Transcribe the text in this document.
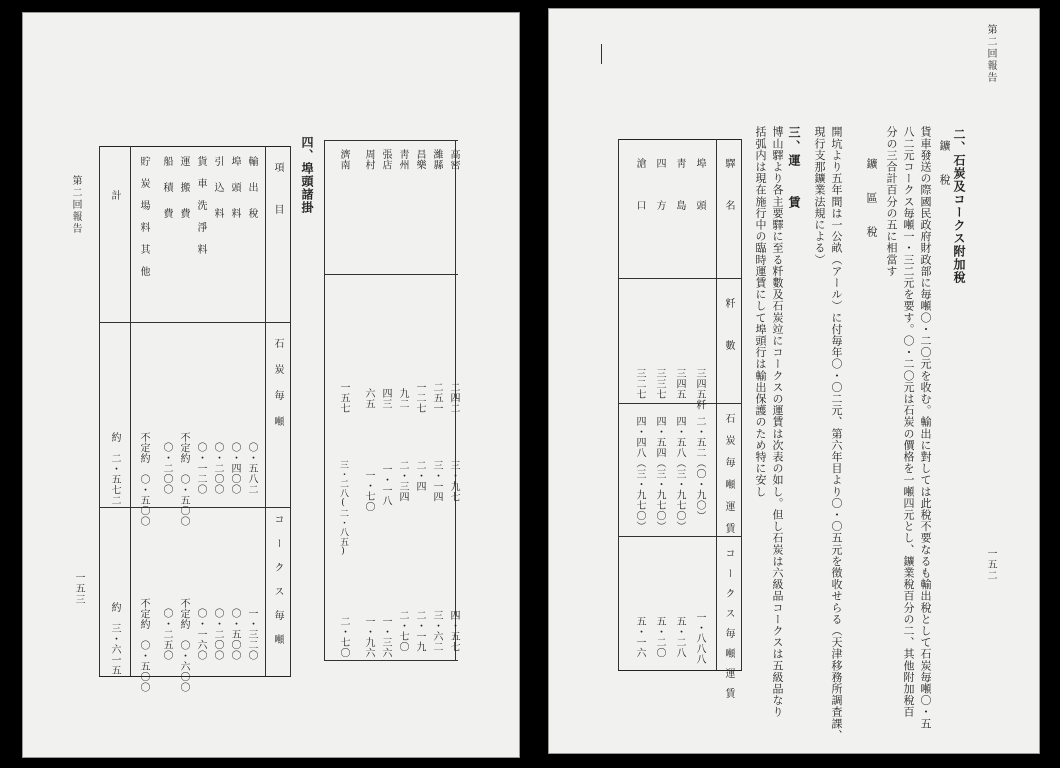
第二回報告
一五三
高密
濰縣
昌樂
靑州
張店
周村
濟南
二四二
二五一
一二七
九二
四三
六五
一五七
三・九七
三・一四
二・四
二・三四
一・一八
一・七〇
三・二八(二・八五)
四・五七
三・六二
二・一九
二・七〇
一・三六
一・九六
二・七〇
四、埠頭諸掛
項　　目
石　炭　毎　噸
コ　ー　ク　ス　毎　噸
輸　出　稅
埠　頭　料
引　込　料
貨　車　洗　淨　料
運　搬　費
船　積　費
貯　炭　場　料　其　他
〇・五八二
〇・四〇〇
〇・二〇〇
〇・一二〇
不定約　〇・五〇〇
〇・二〇〇
不定約　〇・五〇〇
一・三二〇
〇・五〇〇
〇・二〇〇
〇・一六〇
不定約　〇・六〇〇
〇・二五〇
不定約　〇・五〇〇
計
約　二・五七二
約　三・六一五
第二回報告
一五二
二、石炭及コークス附加稅
鑛　稅
貨車發送の際國民政府財政部に毎噸〇・二〇元を收む。輸出に對しては此稅不要なるも輸出稅として石炭毎噸〇・五
八二元コークス毎噸一・三二元を要す。〇・二〇元は石炭の價格を一噸四元とし、鑛業稅百分の二、其他附加稅百
分の三合計百分の五に相當す
鑛　區　稅
開坑より五年間は一公畝（アール）に付毎年〇・〇二元、第六年目より〇・〇五元を徵收せらる（天津移務所調査課、
現行支那鑛業法規による）
三、運　　賃
博山驛より各主要驛に至る粁數及石炭竝にコークスの運賃は次表の如し。但し石炭は六級品コークスは五級品なり
括弧内は現在施行中の臨時運賃にして埠頭行は輸出保護のため特に安し
驛　　名
粁　　數
石　炭　毎　噸　運　賃
コ　ー　ク　ス　毎　噸　運　賃
埠　　頭
靑　　島
四　　方
滄　　口
三四五粁
三四五
三三七
三二七
二・五二（〇・九〇）
四・五八（三・九七〇）
四・五四（三・九七〇）
四・四八（三・九七〇）
一・八八八
五・二八
五・二〇
五・一六
